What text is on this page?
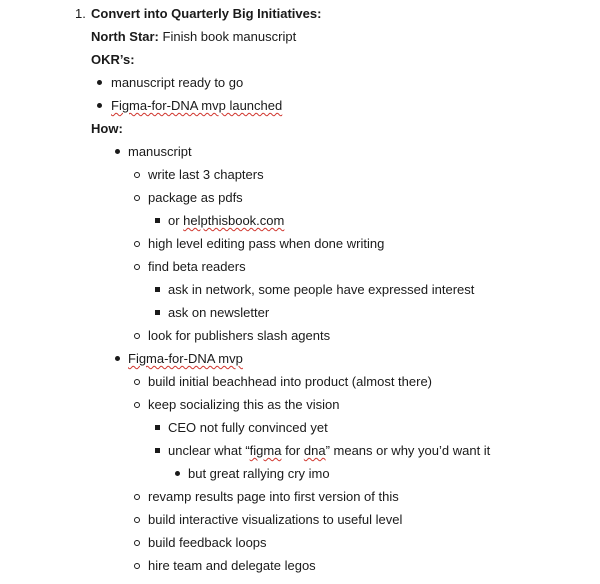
1. Convert into Quarterly Big Initiatives:
North Star: Finish book manuscript
OKR’s:
manuscript ready to go
Figma-for-DNA mvp launched
How:
manuscript
write last 3 chapters
package as pdfs
or helpthisbook.com
high level editing pass when done writing
find beta readers
ask in network, some people have expressed interest
ask on newsletter
look for publishers slash agents
Figma-for-DNA mvp
build initial beachhead into product (almost there)
keep socializing this as the vision
CEO not fully convinced yet
unclear what “figma for dna” means or why you’d want it
but great rallying cry imo
revamp results page into first version of this
build interactive visualizations to useful level
build feedback loops
hire team and delegate legos
